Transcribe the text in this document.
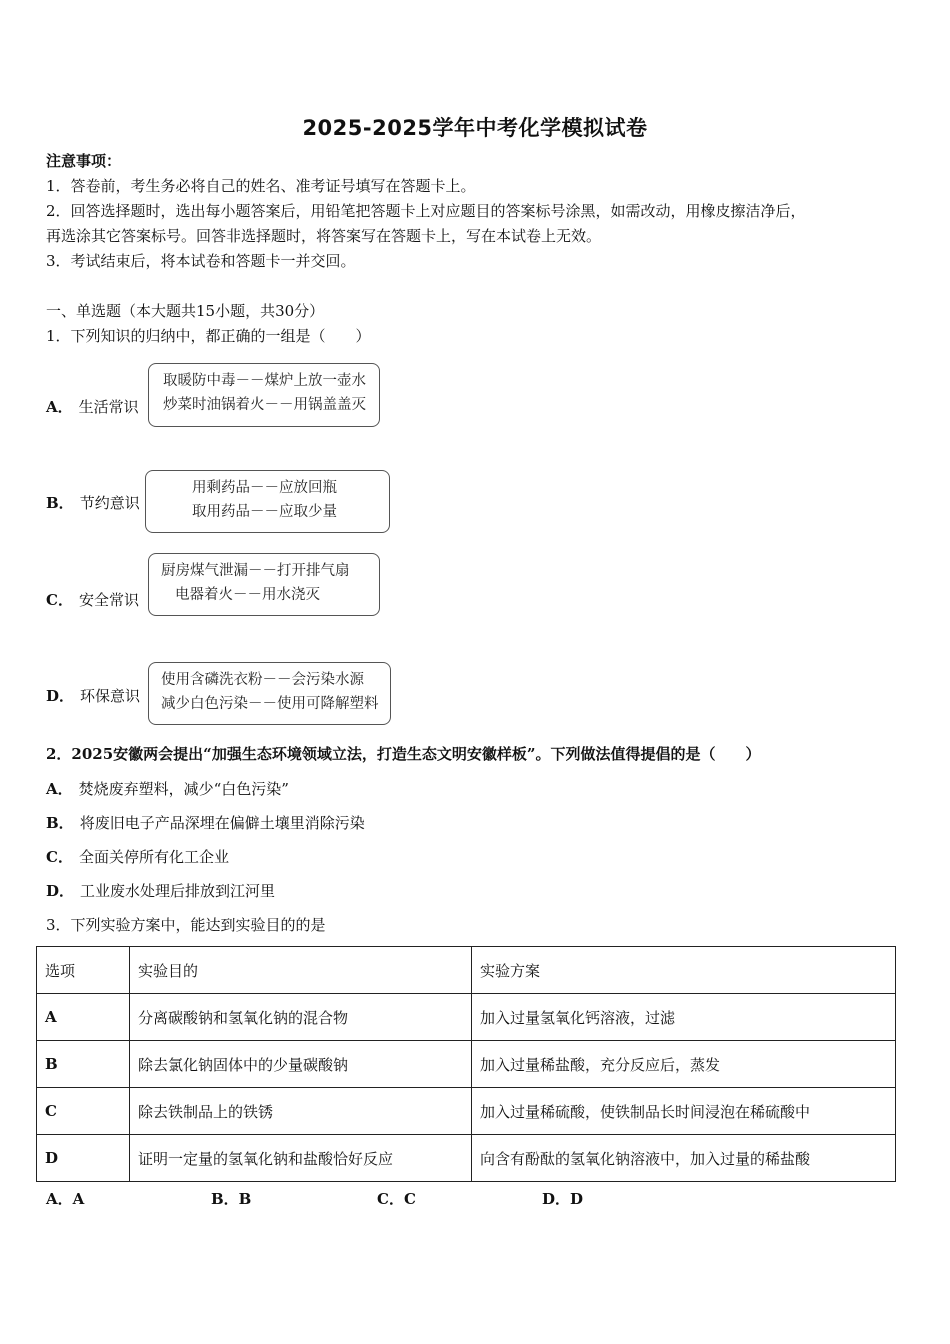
2025-2025学年中考化学模拟试卷
注意事项：
1．答卷前，考生务必将自己的姓名、准考证号填写在答题卡上。
2．回答选择题时，选出每小题答案后，用铅笔把答题卡上对应题目的答案标号涂黑，如需改动，用橡皮擦洁净后，
再选涂其它答案标号。回答非选择题时，将答案写在答题卡上，写在本试卷上无效。
3．考试结束后，将本试卷和答题卡一并交回。
一、单选题（本大题共15小题，共30分）
1．下列知识的归纳中，都正确的一组是（　　）
A． 生活常识
取暖防中毒－－煤炉上放一壶水
炒菜时油锅着火－－用锅盖盖灭
B． 节约意识
用剩药品－－应放回瓶
取用药品－－应取少量
C． 安全常识
厨房煤气泄漏－－打开排气扇
电器着火－－用水浇灭
D． 环保意识
使用含磷洗衣粉－－会污染水源
减少白色污染－－使用可降解塑料
2．2025安徽两会提出“加强生态环境领域立法，打造生态文明安徽样板”。下列做法值得提倡的是（　　）
A． 焚烧废弃塑料，减少“白色污染”
B． 将废旧电子产品深埋在偏僻土壤里消除污染
C． 全面关停所有化工企业
D． 工业废水处理后排放到江河里
3．下列实验方案中，能达到实验目的的是
选项	实验目的	实验方案
A	分离碳酸钠和氢氧化钠的混合物	加入过量氢氧化钙溶液，过滤
B	除去氯化钠固体中的少量碳酸钠	加入过量稀盐酸，充分反应后，蒸发
C	除去铁制品上的铁锈	加入过量稀硫酸，使铁制品长时间浸泡在稀硫酸中
D	证明一定量的氢氧化钠和盐酸恰好反应	向含有酚酞的氢氧化钠溶液中，加入过量的稀盐酸
A．A	B．B	C．C	D．D
